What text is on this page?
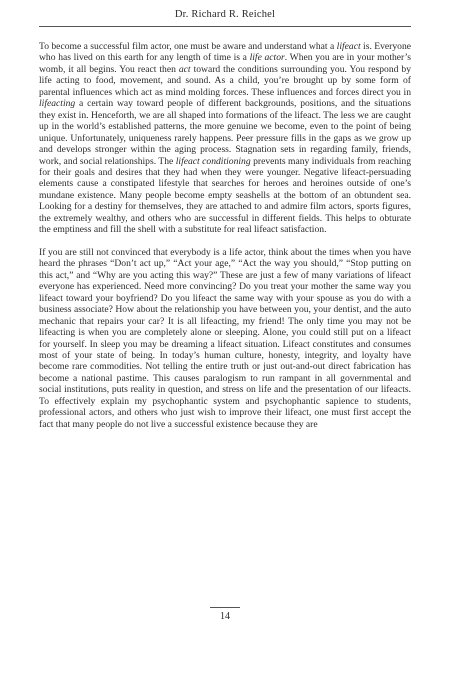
Dr. Richard R. Reichel

To become a successful film actor, one must be aware and understand what a lifeact is. Everyone who has lived on this earth for any length of time is a life actor. When you are in your mother’s womb, it all begins. You react then act toward the conditions surrounding you. You respond by life acting to food, movement, and sound. As a child, you’re brought up by some form of parental influences which act as mind molding forces. These influences and forces direct you in lifeacting a certain way toward people of different backgrounds, positions, and the situations they exist in. Henceforth, we are all shaped into formations of the lifeact. The less we are caught up in the world’s established patterns, the more genuine we become, even to the point of being unique. Unfortunately, uniqueness rarely happens. Peer pressure fills in the gaps as we grow up and develops stronger within the aging process. Stagnation sets in regarding family, friends, work, and social relationships. The lifeact conditioning prevents many individuals from reaching for their goals and desires that they had when they were younger. Negative lifeact-persuading elements cause a constipated lifestyle that searches for heroes and heroines outside of one’s mundane existence. Many people become empty seashells at the bottom of an obtundent sea. Looking for a destiny for themselves, they are attached to and admire film actors, sports figures, the extremely wealthy, and others who are successful in different fields. This helps to obturate the emptiness and fill the shell with a substitute for real lifeact satisfaction.

If you are still not convinced that everybody is a life actor, think about the times when you have heard the phrases “Don’t act up,” “Act your age,” “Act the way you should,” “Stop putting on this act,” and “Why are you acting this way?” These are just a few of many variations of lifeact everyone has experienced. Need more convincing? Do you treat your mother the same way you lifeact toward your boyfriend? Do you lifeact the same way with your spouse as you do with a business associate? How about the relationship you have between you, your dentist, and the auto mechanic that repairs your car? It is all lifeacting, my friend! The only time you may not be lifeacting is when you are completely alone or sleeping. Alone, you could still put on a lifeact for yourself. In sleep you may be dreaming a lifeact situation. Lifeact constitutes and consumes most of your state of being. In today’s human culture, honesty, integrity, and loyalty have become rare commodities. Not telling the entire truth or just out-and-out direct fabrication has become a national pastime. This causes paralogism to run rampant in all governmental and social institutions, puts reality in question, and stress on life and the presentation of our lifeacts. To effectively explain my psychophantic system and psychophantic sapience to students, professional actors, and others who just wish to improve their lifeact, one must first accept the fact that many people do not live a successful existence because they are

14
